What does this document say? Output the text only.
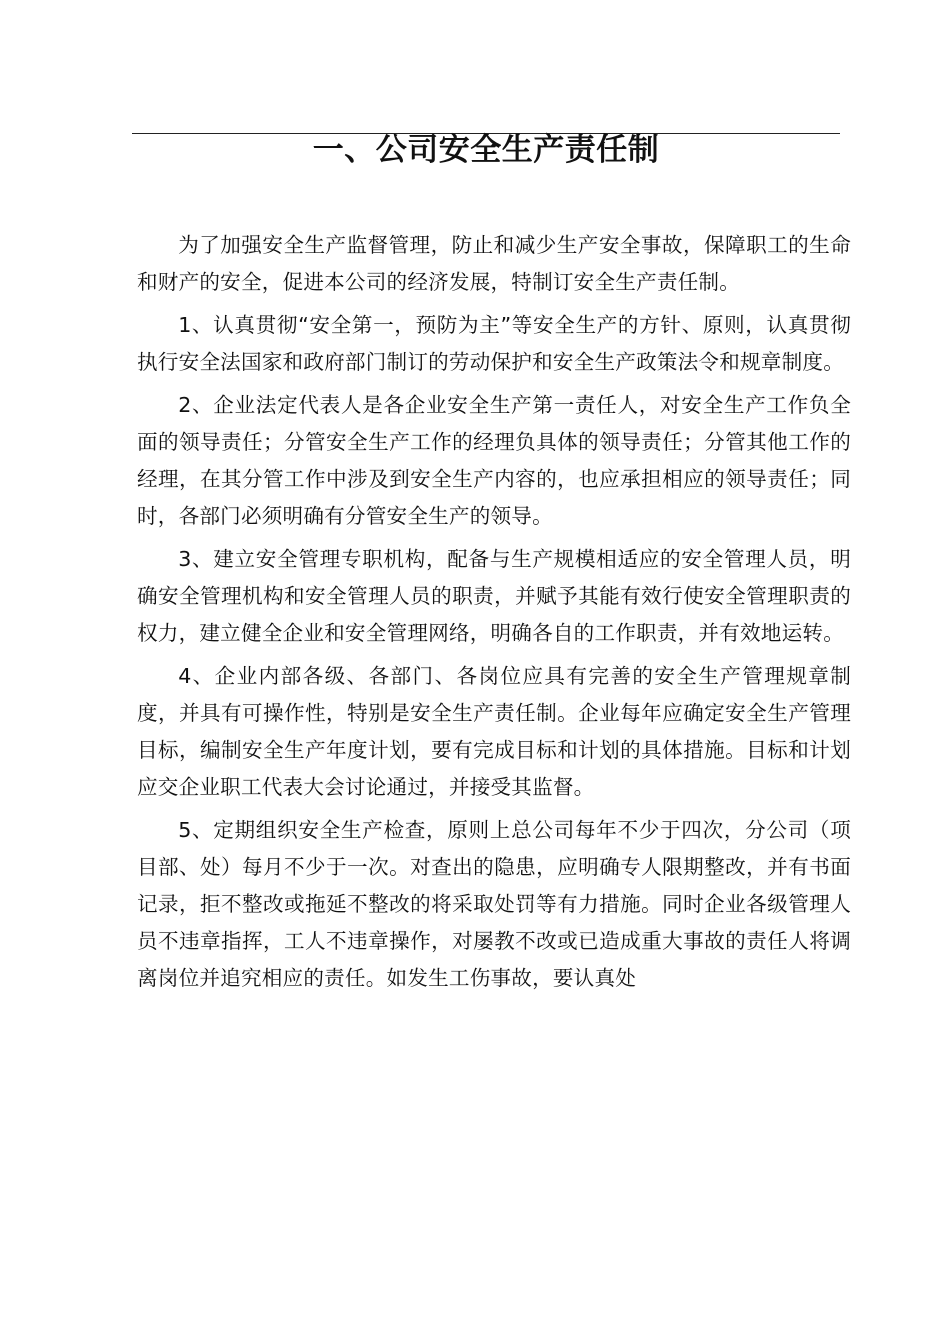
一、公司安全生产责任制

为了加强安全生产监督管理，防止和减少生产安全事故，保障职工的生命和财产的安全，促进本公司的经济发展，特制订安全生产责任制。

1、认真贯彻“安全第一，预防为主”等安全生产的方针、原则，认真贯彻执行安全法国家和政府部门制订的劳动保护和安全生产政策法令和规章制度。

2、企业法定代表人是各企业安全生产第一责任人，对安全生产工作负全面的领导责任；分管安全生产工作的经理负具体的领导责任；分管其他工作的经理，在其分管工作中涉及到安全生产内容的，也应承担相应的领导责任；同时，各部门必须明确有分管安全生产的领导。

3、建立安全管理专职机构，配备与生产规模相适应的安全管理人员，明确安全管理机构和安全管理人员的职责，并赋予其能有效行使安全管理职责的权力，建立健全企业和安全管理网络，明确各自的工作职责，并有效地运转。

4、企业内部各级、各部门、各岗位应具有完善的安全生产管理规章制度，并具有可操作性，特别是安全生产责任制。企业每年应确定安全生产管理目标，编制安全生产年度计划，要有完成目标和计划的具体措施。目标和计划应交企业职工代表大会讨论通过，并接受其监督。

5、定期组织安全生产检查，原则上总公司每年不少于四次，分公司（项目部、处）每月不少于一次。对查出的隐患，应明确专人限期整改，并有书面记录，拒不整改或拖延不整改的将采取处罚等有力措施。同时企业各级管理人员不违章指挥，工人不违章操作，对屡教不改或已造成重大事故的责任人将调离岗位并追究相应的责任。如发生工伤事故，要认真处
